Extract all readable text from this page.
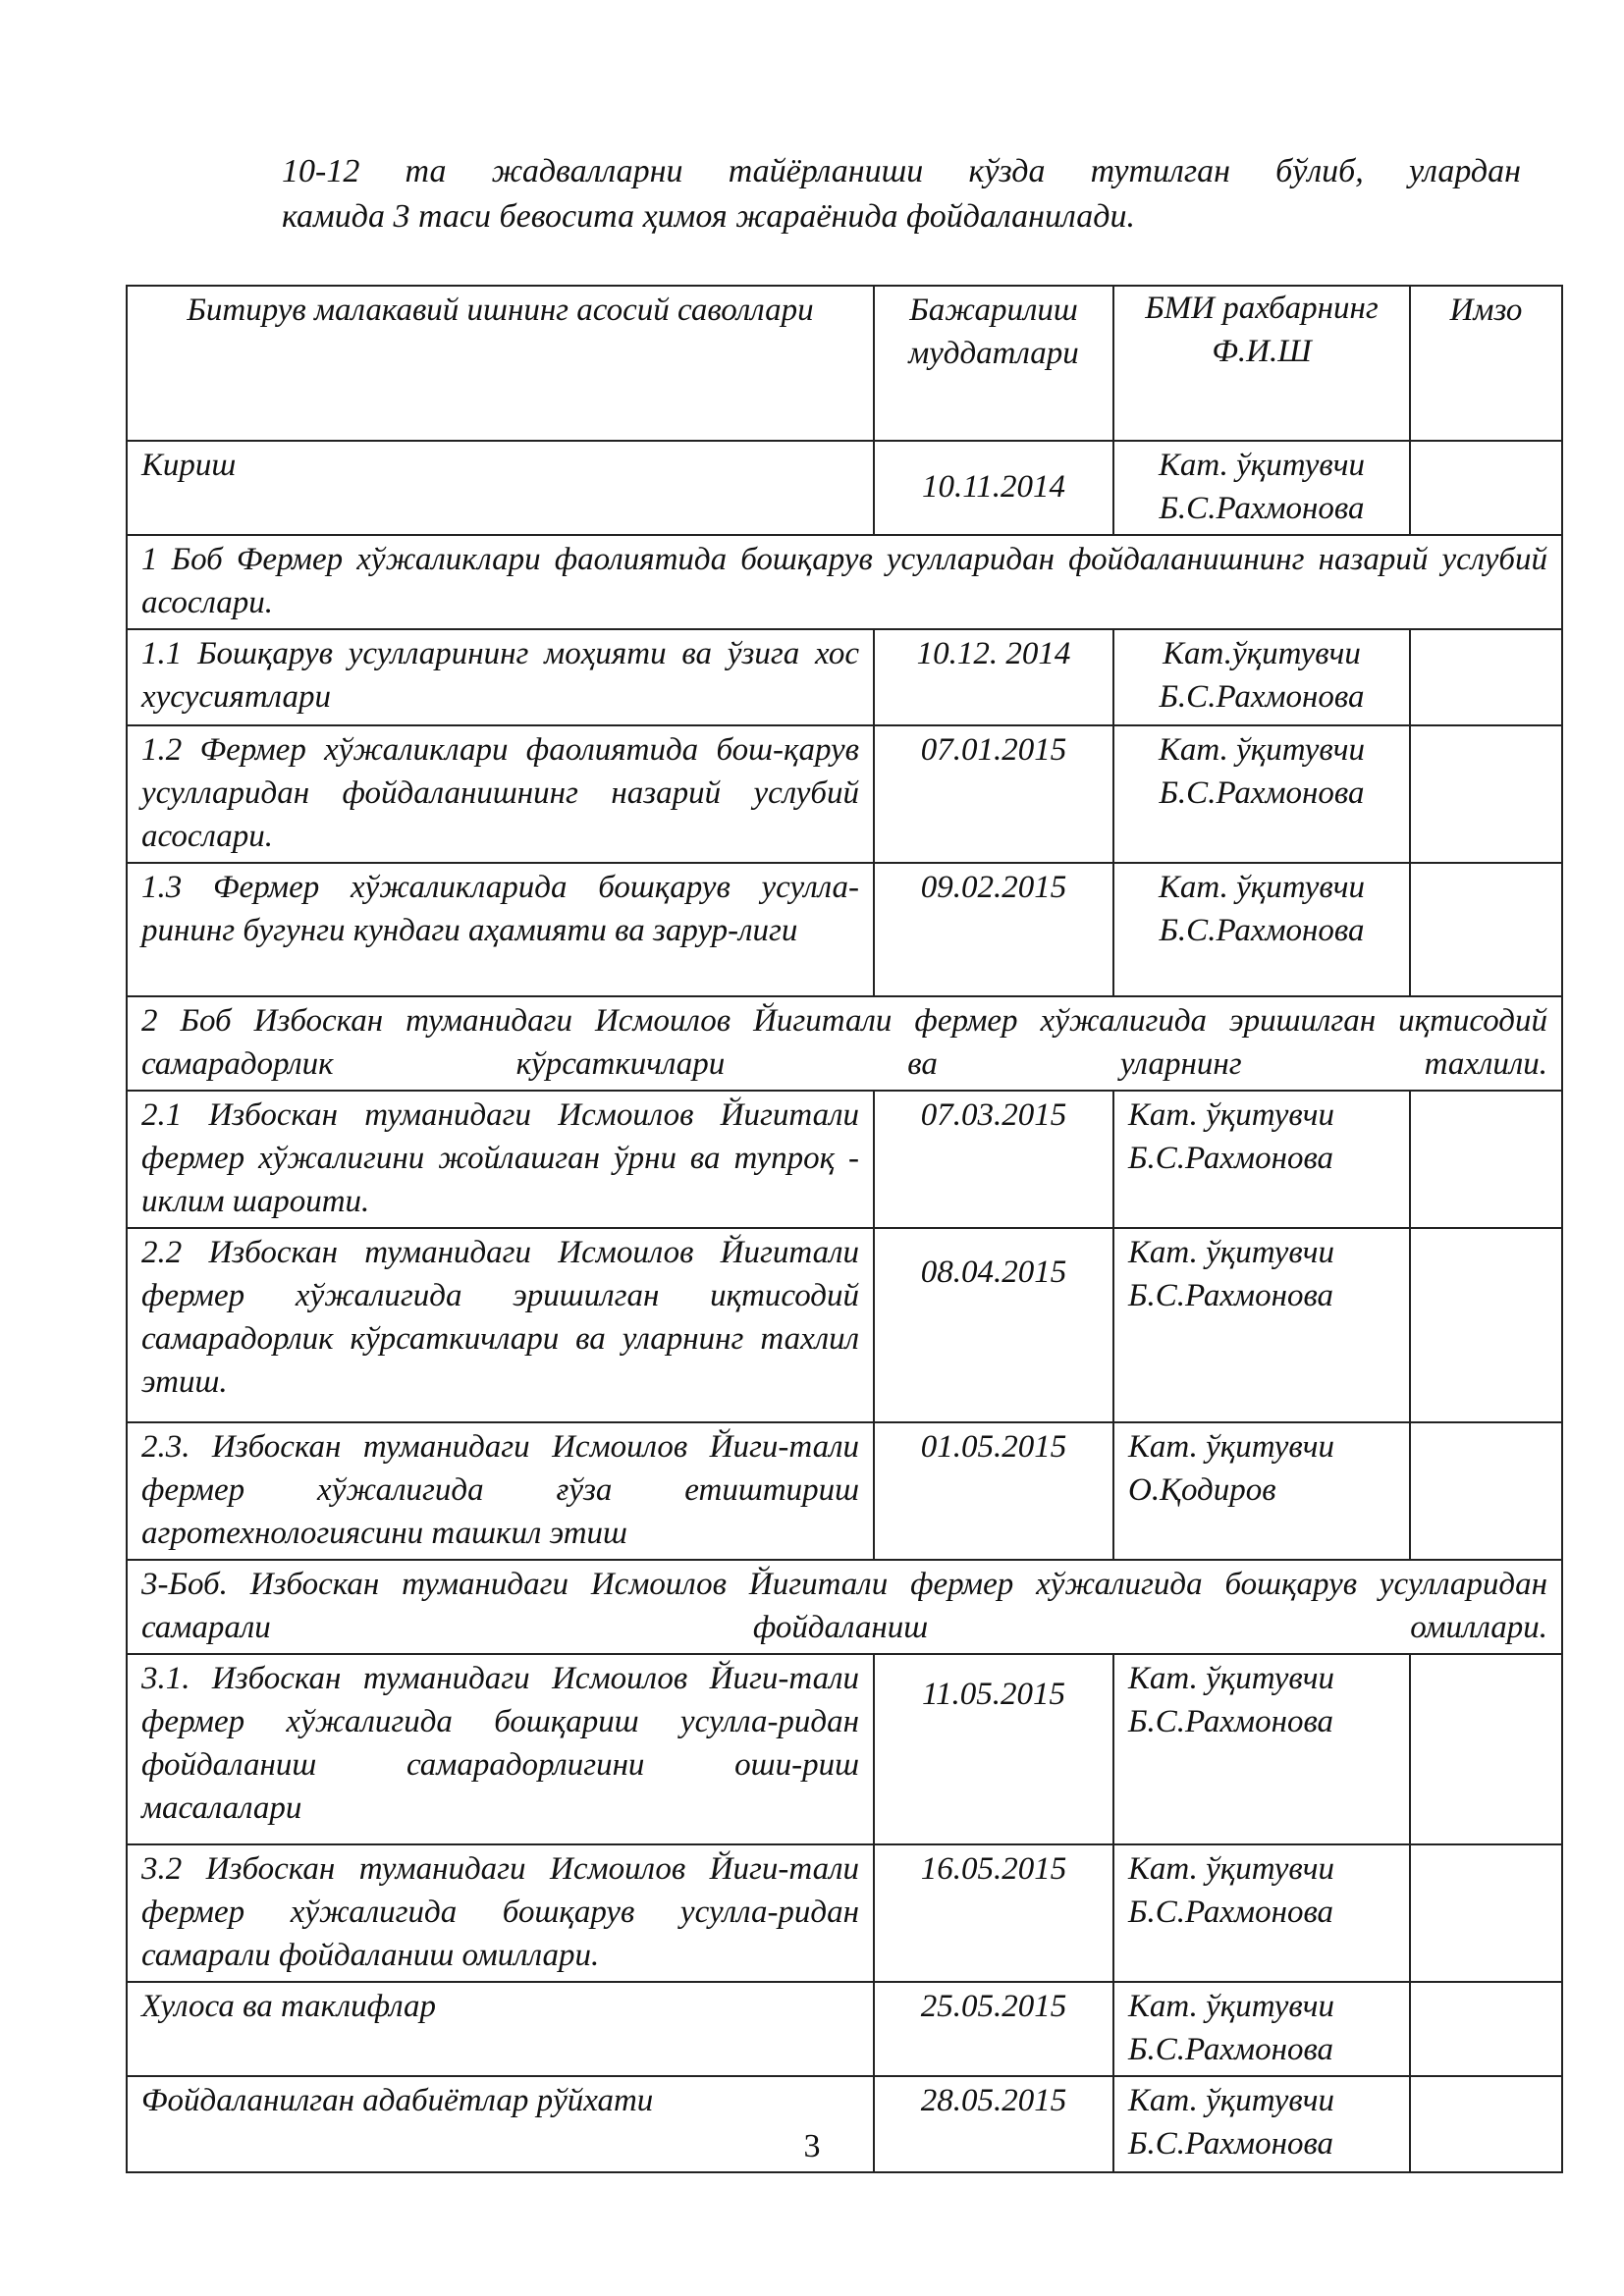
10-12 та жадвалларни тайёрланиши кўзда тутилган бўлиб, улардан

камида 3 таси бевосита ҳимоя жараёнида фойдаланилади.

Битирув малакавий ишнинг асосий саволлари	Бажарилиш муддатлари	БМИ рахбарнинг Ф.И.Ш	Имзо
Кириш	10.11.2014	Кат. ўқитувчи Б.С.Рахмонова	
1 Боб Фермер хўжаликлари фаолиятида бошқарув усулларидан фойдаланишнинг назарий услубий асослари.			
1.1 Бошқарув усулларининг моҳияти ва ўзига хос хусусиятлари	10.12. 2014	Кат.ўқитувчи Б.С.Рахмонова	
1.2 Фермер хўжаликлари фаолиятида бош-қарув усулларидан фойдаланишнинг назарий услубий асослари.	07.01.2015	Кат. ўқитувчи Б.С.Рахмонова	
1.3 Фермер хўжаликларида бошқарув усулла-рининг бугунги кундаги аҳамияти ва зарур-лиги	09.02.2015	Кат. ўқитувчи Б.С.Рахмонова	
2 Боб Избоскан туманидаги Исмоилов Йигитали фермер хўжалигида эришилган иқтисодий самарадорлик кўрсаткичлари ва уларнинг тахлили.			
2.1 Избоскан туманидаги Исмоилов Йигитали фермер хўжалигини жойлашган ўрни ва тупроқ - иклим шароити.	07.03.2015	Кат. ўқитувчи Б.С.Рахмонова	
2.2 Избоскан туманидаги Исмоилов Йигитали фермер хўжалигида эришилган иқтисодий самарадорлик кўрсаткичлари ва уларнинг тахлил этиш.	08.04.2015	Кат. ўқитувчи Б.С.Рахмонова	
2.3. Избоскан туманидаги Исмоилов Йиги-тали фермер хўжалигида ғўза етиштириш агротехнологиясини ташкил этиш	01.05.2015	Кат. ўқитувчи О.Қодиров	
3-Боб. Избоскан туманидаги Исмоилов Йигитали фермер хўжалигида бошқарув усулларидан самарали фойдаланиш омиллари.			
3.1. Избоскан туманидаги Исмоилов Йиги-тали фермер хўжалигида бошқариш усулла-ридан фойдаланиш самарадорлигини оши-риш масалалари	11.05.2015	Кат. ўқитувчи Б.С.Рахмонова	
3.2 Избоскан туманидаги Исмоилов Йиги-тали фермер хўжалигида бошқарув усулла-ридан самарали фойдаланиш омиллари.	16.05.2015	Кат. ўқитувчи Б.С.Рахмонова	
Хулоса ва таклифлар	25.05.2015	Кат. ўқитувчи Б.С.Рахмонова	
Фойдаланилган адабиётлар рўйхати	28.05.2015	Кат. ўқитувчи Б.С.Рахмонова	
3
